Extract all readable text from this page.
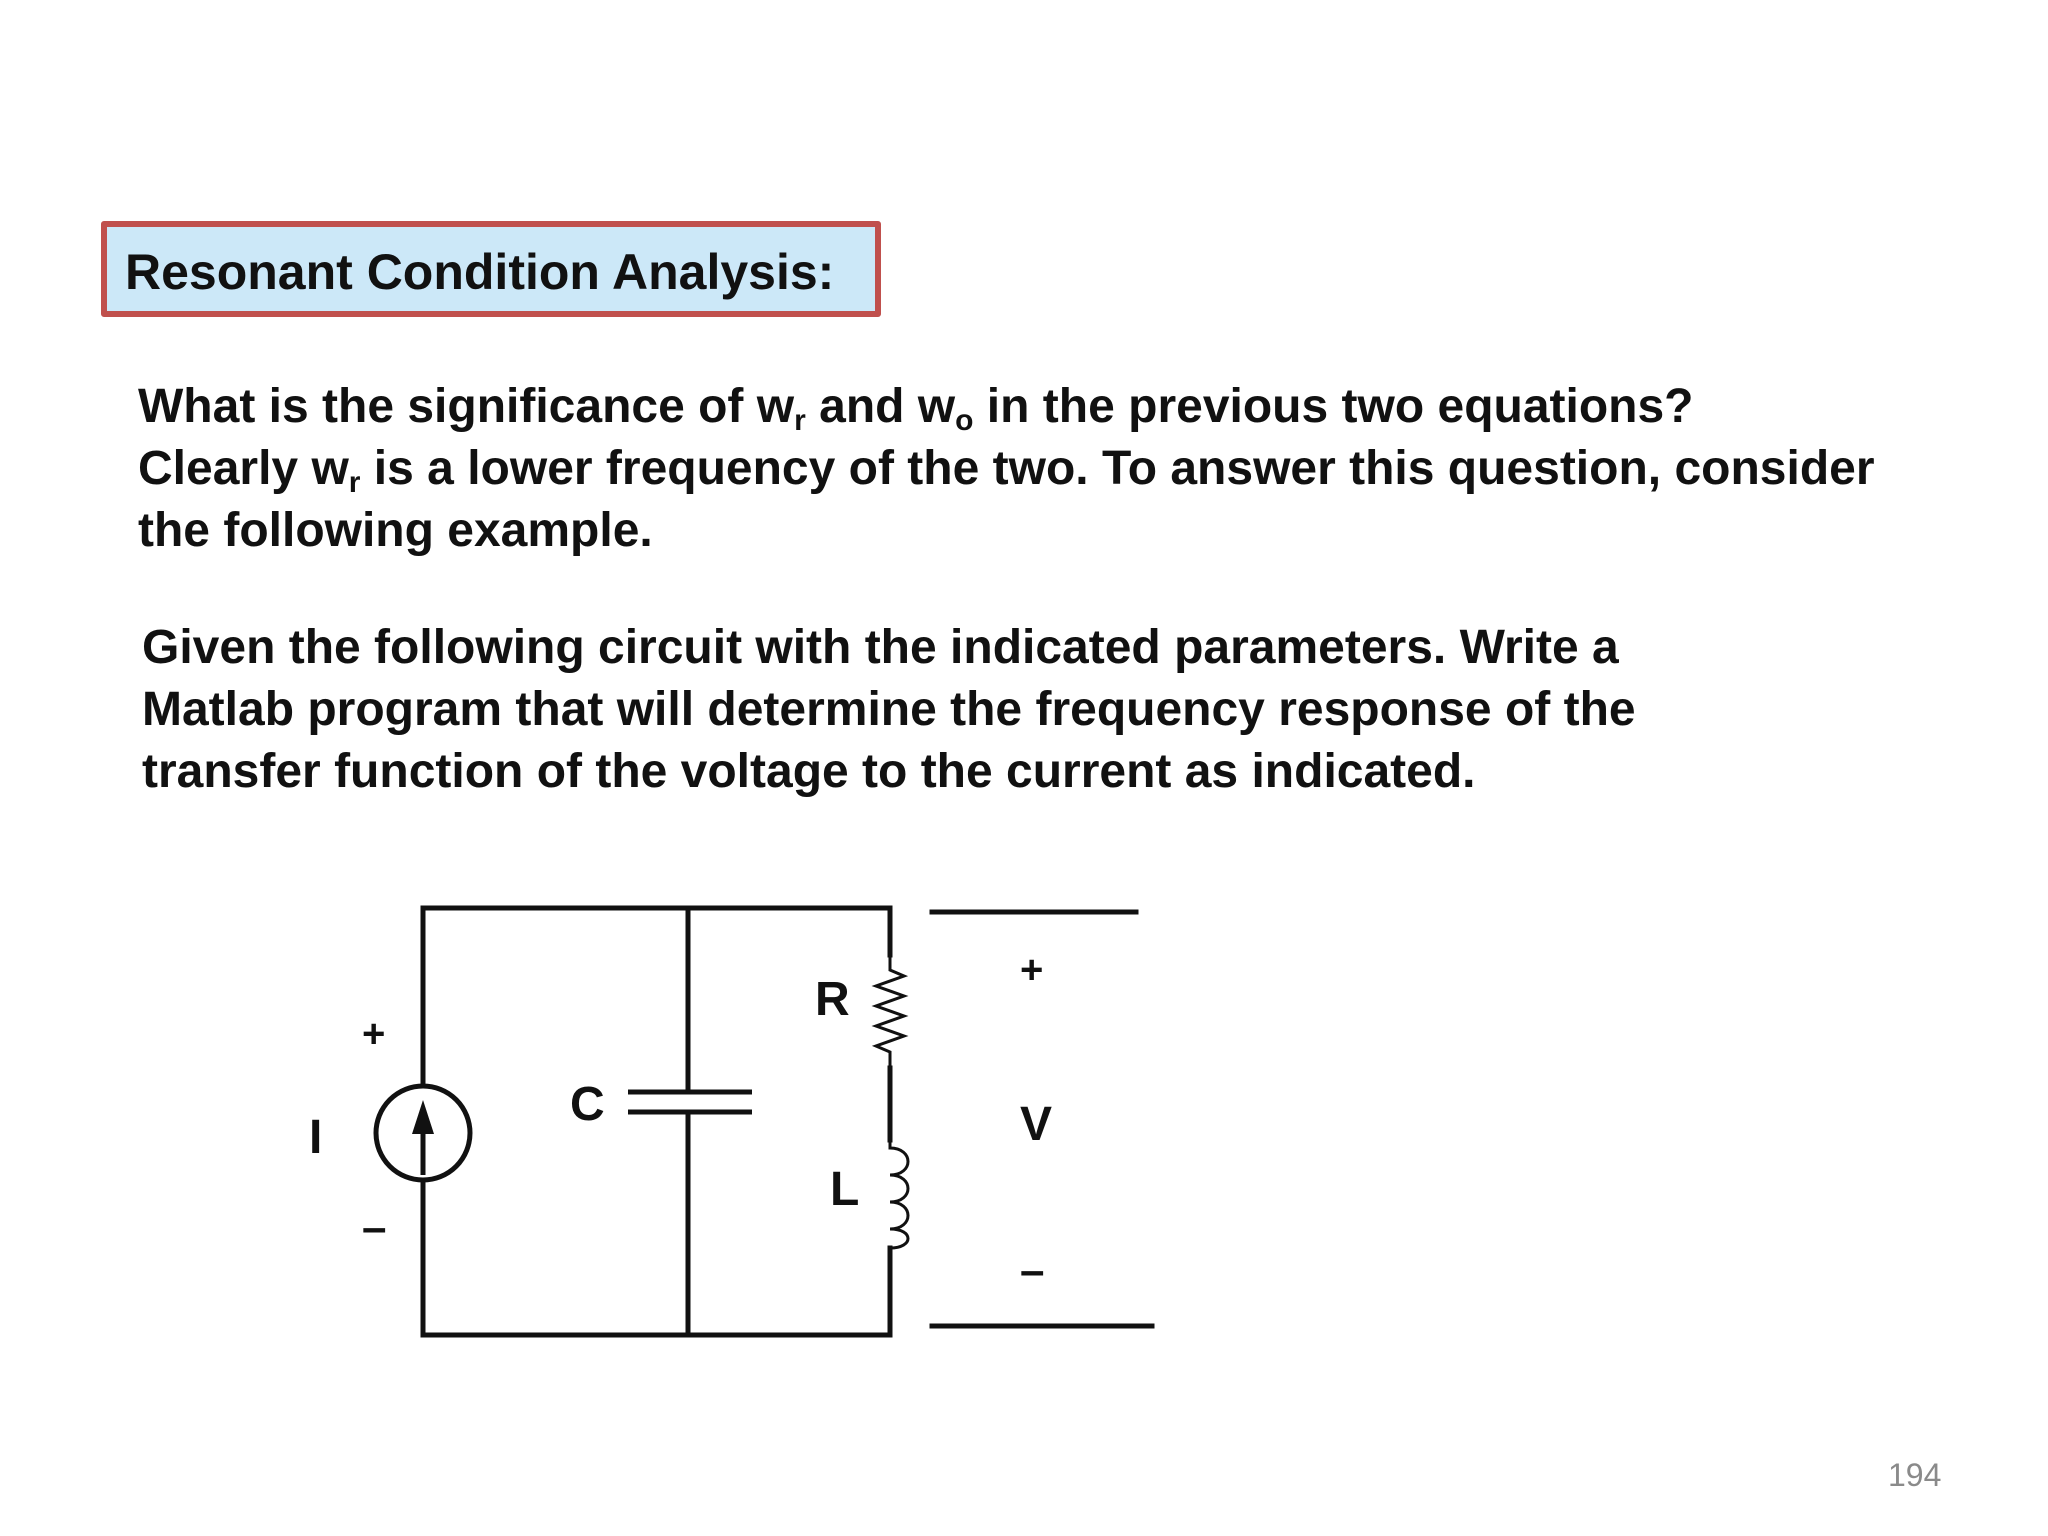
Resonant Condition Analysis:
What is the significance of $w_r$ and $w_o$ in the previous two equations?
Clearly $w_r$ is a lower frequency of the two. To answer this question, consider
the following example.
Given the following circuit with the indicated parameters. Write a
Matlab program that will determine the frequency response of the
transfer function of the voltage to the current as indicated.
I
+
–
C
R
L
V
+
–
194
